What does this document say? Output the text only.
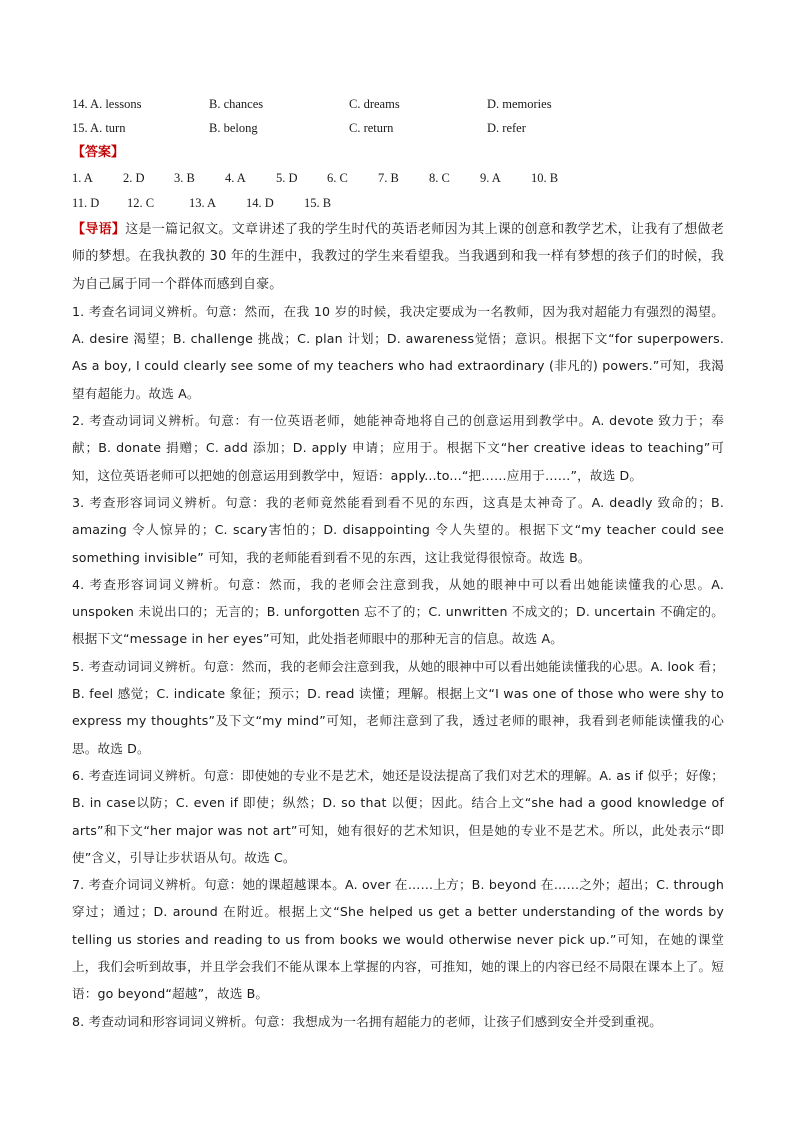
14. A. lessons	B. chances	C. dreams	D. memories
15. A. turn	B. belong	C. return	D. refer
【答案】
1. A	2. D	3. B	4. A	5. D	6. C	7. B	8. C	9. A	10. B
11. D	12. C	13. A	14. D	15. B

【导语】这是一篇记叙文。文章讲述了我的学生时代的英语老师因为其上课的创意和教学艺术，让我有了想做老师的梦想。在我执教的 30 年的生涯中，我教过的学生来看望我。当我遇到和我一样有梦想的孩子们的时候，我为自己属于同一个群体而感到自豪。

1. 考查名词词义辨析。句意：然而，在我 10 岁的时候，我决定要成为一名教师，因为我对超能力有强烈的渴望。A. desire 渴望；B. challenge 挑战；C. plan 计划；D. awareness觉悟；意识。根据下文“for superpowers. As a boy, I could clearly see some of my teachers who had extraordinary (非凡的) powers.”可知，我渴望有超能力。故选 A。

2. 考查动词词义辨析。句意：有一位英语老师，她能神奇地将自己的创意运用到教学中。A. devote 致力于；奉献；B. donate 捐赠；C. add 添加；D. apply 申请；应用于。根据下文“her creative ideas to teaching”可知，这位英语老师可以把她的创意运用到教学中，短语：apply...to...“把……应用于……”，故选 D。

3. 考查形容词词义辨析。句意：我的老师竟然能看到看不见的东西，这真是太神奇了。A. deadly 致命的；B. amazing 令人惊异的；C. scary害怕的；D. disappointing 令人失望的。根据下文“my teacher could see something invisible” 可知，我的老师能看到看不见的东西，这让我觉得很惊奇。故选 B。

4. 考查形容词词义辨析。句意：然而，我的老师会注意到我，从她的眼神中可以看出她能读懂我的心思。A. unspoken 未说出口的；无言的；B. unforgotten 忘不了的；C. unwritten 不成文的；D. uncertain 不确定的。根据下文“message in her eyes”可知，此处指老师眼中的那种无言的信息。故选 A。

5. 考查动词词义辨析。句意：然而，我的老师会注意到我，从她的眼神中可以看出她能读懂我的心思。A. look 看；B. feel 感觉；C. indicate 象征；预示；D. read 读懂；理解。根据上文“I was one of those who were shy to express my thoughts”及下文“my mind”可知，老师注意到了我，透过老师的眼神，我看到老师能读懂我的心思。故选 D。

6. 考查连词词义辨析。句意：即使她的专业不是艺术，她还是设法提高了我们对艺术的理解。A. as if 似乎；好像；B. in case以防；C. even if 即使；纵然；D. so that 以便；因此。结合上文“she had a good knowledge of arts”和下文“her major was not art”可知，她有很好的艺术知识，但是她的专业不是艺术。所以，此处表示“即使”含义，引导让步状语从句。故选 C。

7. 考查介词词义辨析。句意：她的课超越课本。A. over 在……上方；B. beyond 在……之外；超出；C. through 穿过；通过；D. around 在附近。根据上文“She helped us get a better understanding of the words by telling us stories and reading to us from books we would otherwise never pick up.”可知，在她的课堂上，我们会听到故事，并且学会我们不能从课本上掌握的内容，可推知，她的课上的内容已经不局限在课本上了。短语：go beyond“超越”，故选 B。

8. 考查动词和形容词词义辨析。句意：我想成为一名拥有超能力的老师，让孩子们感到安全并受到重视。
